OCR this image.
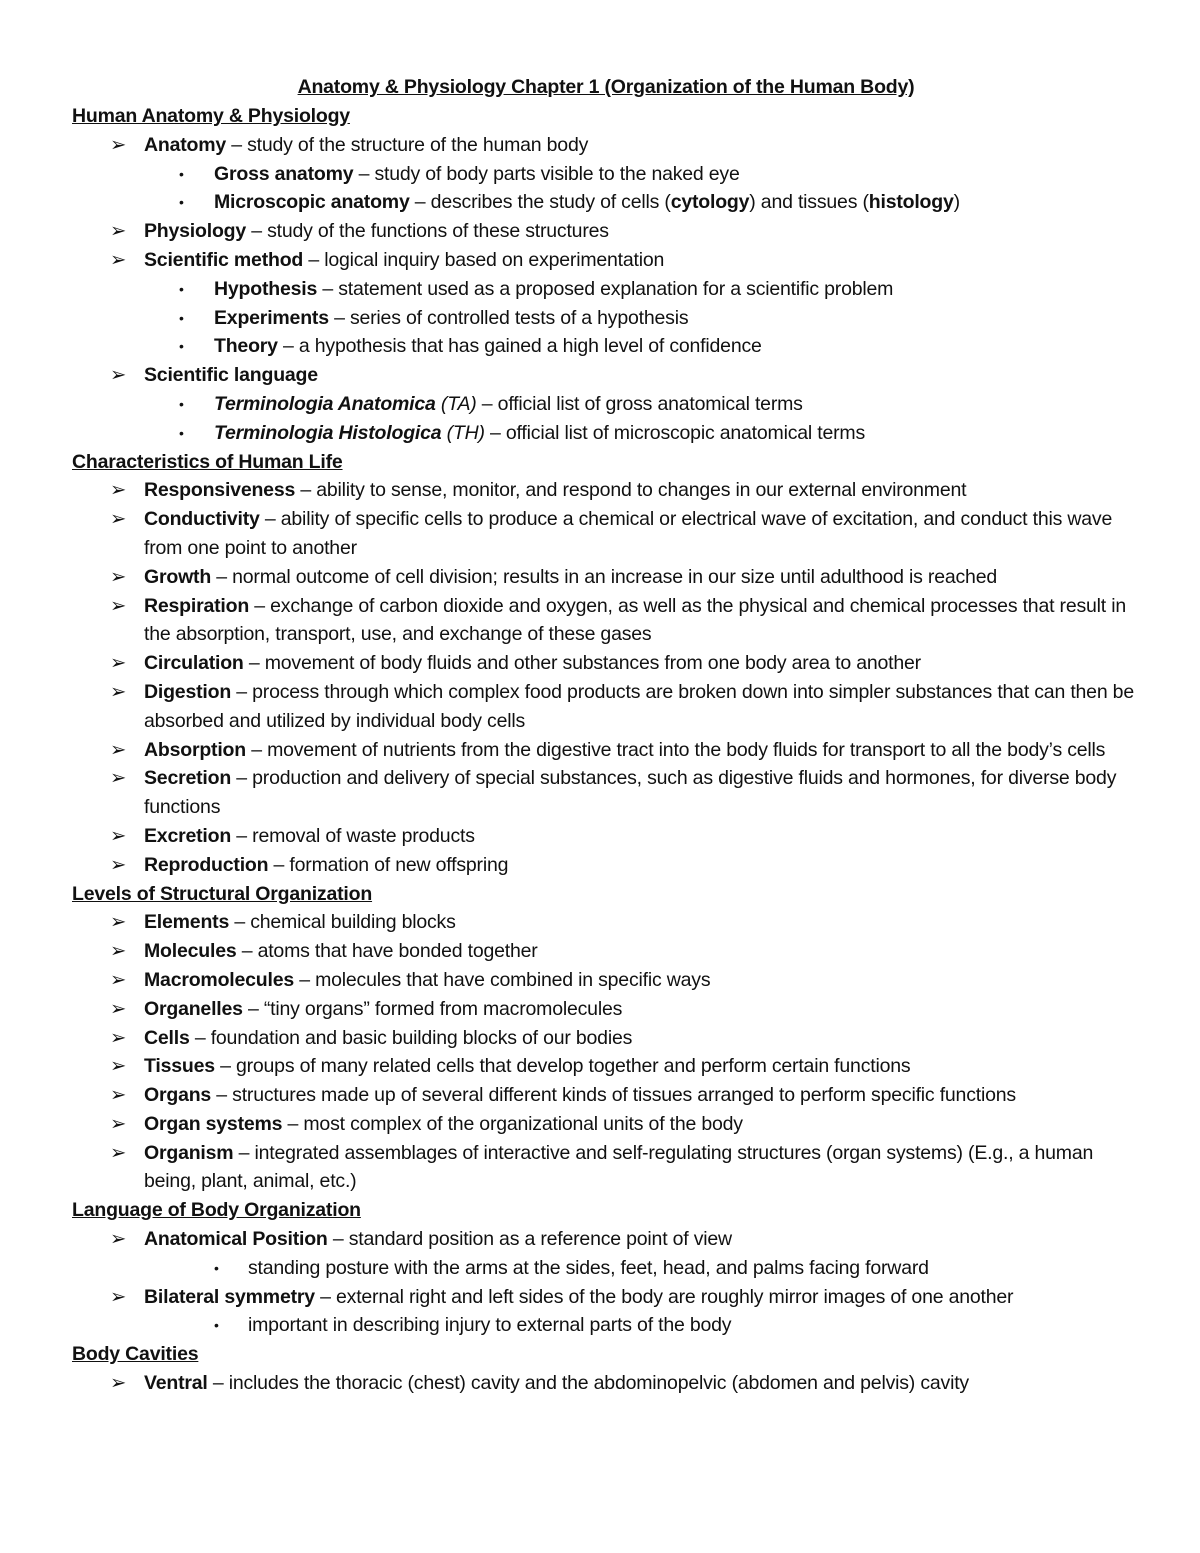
Anatomy & Physiology Chapter 1 (Organization of the Human Body)
Human Anatomy & Physiology
➢ Anatomy – study of the structure of the human body
•	Gross anatomy – study of body parts visible to the naked eye
•	Microscopic anatomy – describes the study of cells (cytology) and tissues (histology)
➢ Physiology – study of the functions of these structures
➢ Scientific method – logical inquiry based on experimentation
•	Hypothesis – statement used as a proposed explanation for a scientific problem
•	Experiments – series of controlled tests of a hypothesis
•	Theory – a hypothesis that has gained a high level of confidence
➢ Scientific language
•	Terminologia Anatomica (TA) – official list of gross anatomical terms
•	Terminologia Histologica (TH) – official list of microscopic anatomical terms
Characteristics of Human Life
➢ Responsiveness – ability to sense, monitor, and respond to changes in our external environment
➢ Conductivity – ability of specific cells to produce a chemical or electrical wave of excitation, and conduct this wave from one point to another
➢ Growth – normal outcome of cell division; results in an increase in our size until adulthood is reached
➢ Respiration – exchange of carbon dioxide and oxygen, as well as the physical and chemical processes that result in the absorption, transport, use, and exchange of these gases
➢ Circulation – movement of body fluids and other substances from one body area to another
➢ Digestion – process through which complex food products are broken down into simpler substances that can then be absorbed and utilized by individual body cells
➢ Absorption – movement of nutrients from the digestive tract into the body fluids for transport to all the body’s cells
➢ Secretion – production and delivery of special substances, such as digestive fluids and hormones, for diverse body functions
➢ Excretion – removal of waste products
➢ Reproduction – formation of new offspring
Levels of Structural Organization
➢ Elements – chemical building blocks
➢ Molecules – atoms that have bonded together
➢ Macromolecules – molecules that have combined in specific ways
➢ Organelles – “tiny organs” formed from macromolecules
➢ Cells – foundation and basic building blocks of our bodies
➢ Tissues – groups of many related cells that develop together and perform certain functions
➢ Organs – structures made up of several different kinds of tissues arranged to perform specific functions
➢ Organ systems – most complex of the organizational units of the body
➢ Organism – integrated assemblages of interactive and self-regulating structures (organ systems) (E.g., a human being, plant, animal, etc.)
Language of Body Organization
➢ Anatomical Position – standard position as a reference point of view
•	standing posture with the arms at the sides, feet, head, and palms facing forward
➢ Bilateral symmetry – external right and left sides of the body are roughly mirror images of one another
•	important in describing injury to external parts of the body
Body Cavities
➢ Ventral – includes the thoracic (chest) cavity and the abdominopelvic (abdomen and pelvis) cavity
